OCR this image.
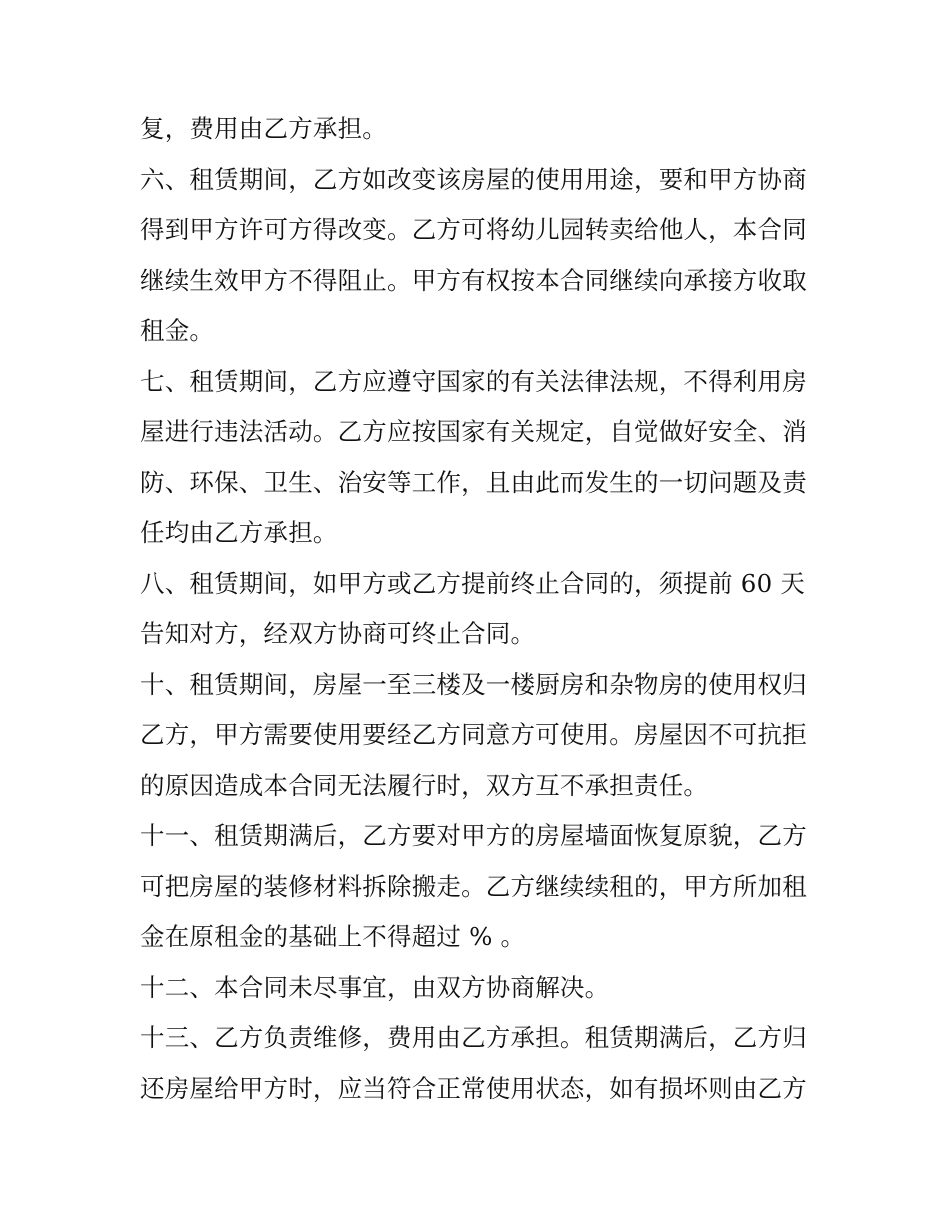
复，费用由乙方承担。

六、租赁期间，乙方如改变该房屋的使用用途，要和甲方协商

得到甲方许可方得改变。乙方可将幼儿园转卖给他人，本合同

继续生效甲方不得阻止。甲方有权按本合同继续向承接方收取

租金。

七、租赁期间，乙方应遵守国家的有关法律法规，不得利用房

屋进行违法活动。乙方应按国家有关规定，自觉做好安全、消

防、环保、卫生、治安等工作，且由此而发生的一切问题及责

任均由乙方承担。

八、租赁期间，如甲方或乙方提前终止合同的，须提前 60 天

告知对方，经双方协商可终止合同。

十、租赁期间，房屋一至三楼及一楼厨房和杂物房的使用权归

乙方，甲方需要使用要经乙方同意方可使用。房屋因不可抗拒

的原因造成本合同无法履行时，双方互不承担责任。

十一、租赁期满后，乙方要对甲方的房屋墙面恢复原貌，乙方

可把房屋的装修材料拆除搬走。乙方继续续租的，甲方所加租

金在原租金的基础上不得超过 % 。

十二、本合同未尽事宜，由双方协商解决。

十三、乙方负责维修，费用由乙方承担。租赁期满后，乙方归

还房屋给甲方时，应当符合正常使用状态，如有损坏则由乙方
